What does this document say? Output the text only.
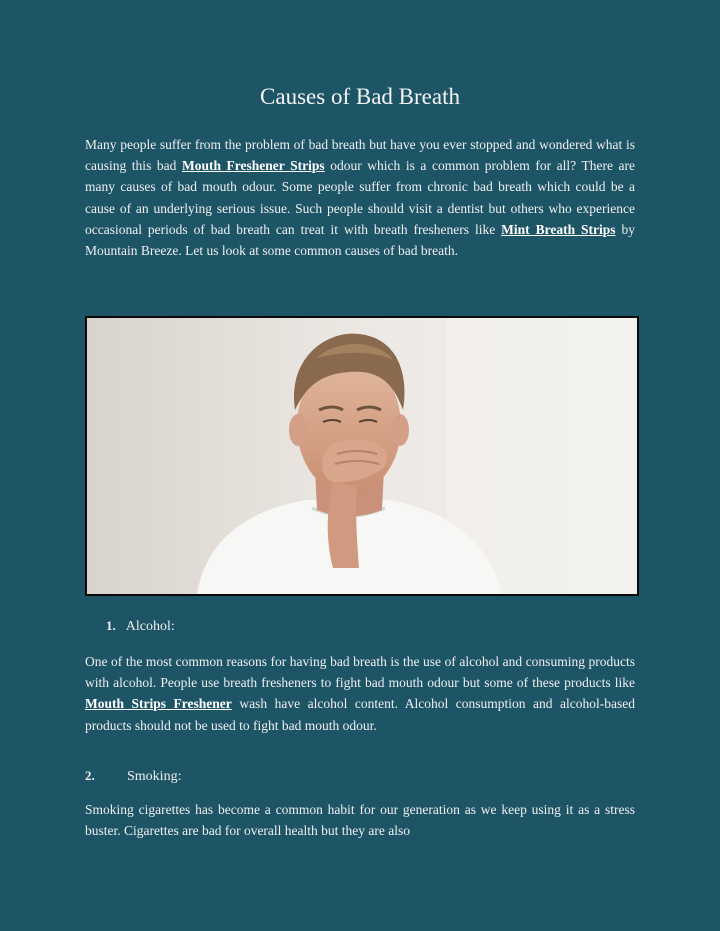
Causes of Bad Breath

Many people suffer from the problem of bad breath but have you ever stopped and wondered what is causing this bad Mouth Freshener Strips odour which is a common problem for all? There are many causes of bad mouth odour. Some people suffer from chronic bad breath which could be a cause of an underlying serious issue. Such people should visit a dentist but others who experience occasional periods of bad breath can treat it with breath fresheners like Mint Breath Strips by Mountain Breeze. Let us look at some common causes of bad breath.

1. Alcohol:

One of the most common reasons for having bad breath is the use of alcohol and consuming products with alcohol. People use breath fresheners to fight bad mouth odour but some of these products like Mouth Strips Freshener wash have alcohol content. Alcohol consumption and alcohol-based products should not be used to fight bad mouth odour.

2. Smoking:

Smoking cigarettes has become a common habit for our generation as we keep using it as a stress buster. Cigarettes are bad for overall health but they are also
